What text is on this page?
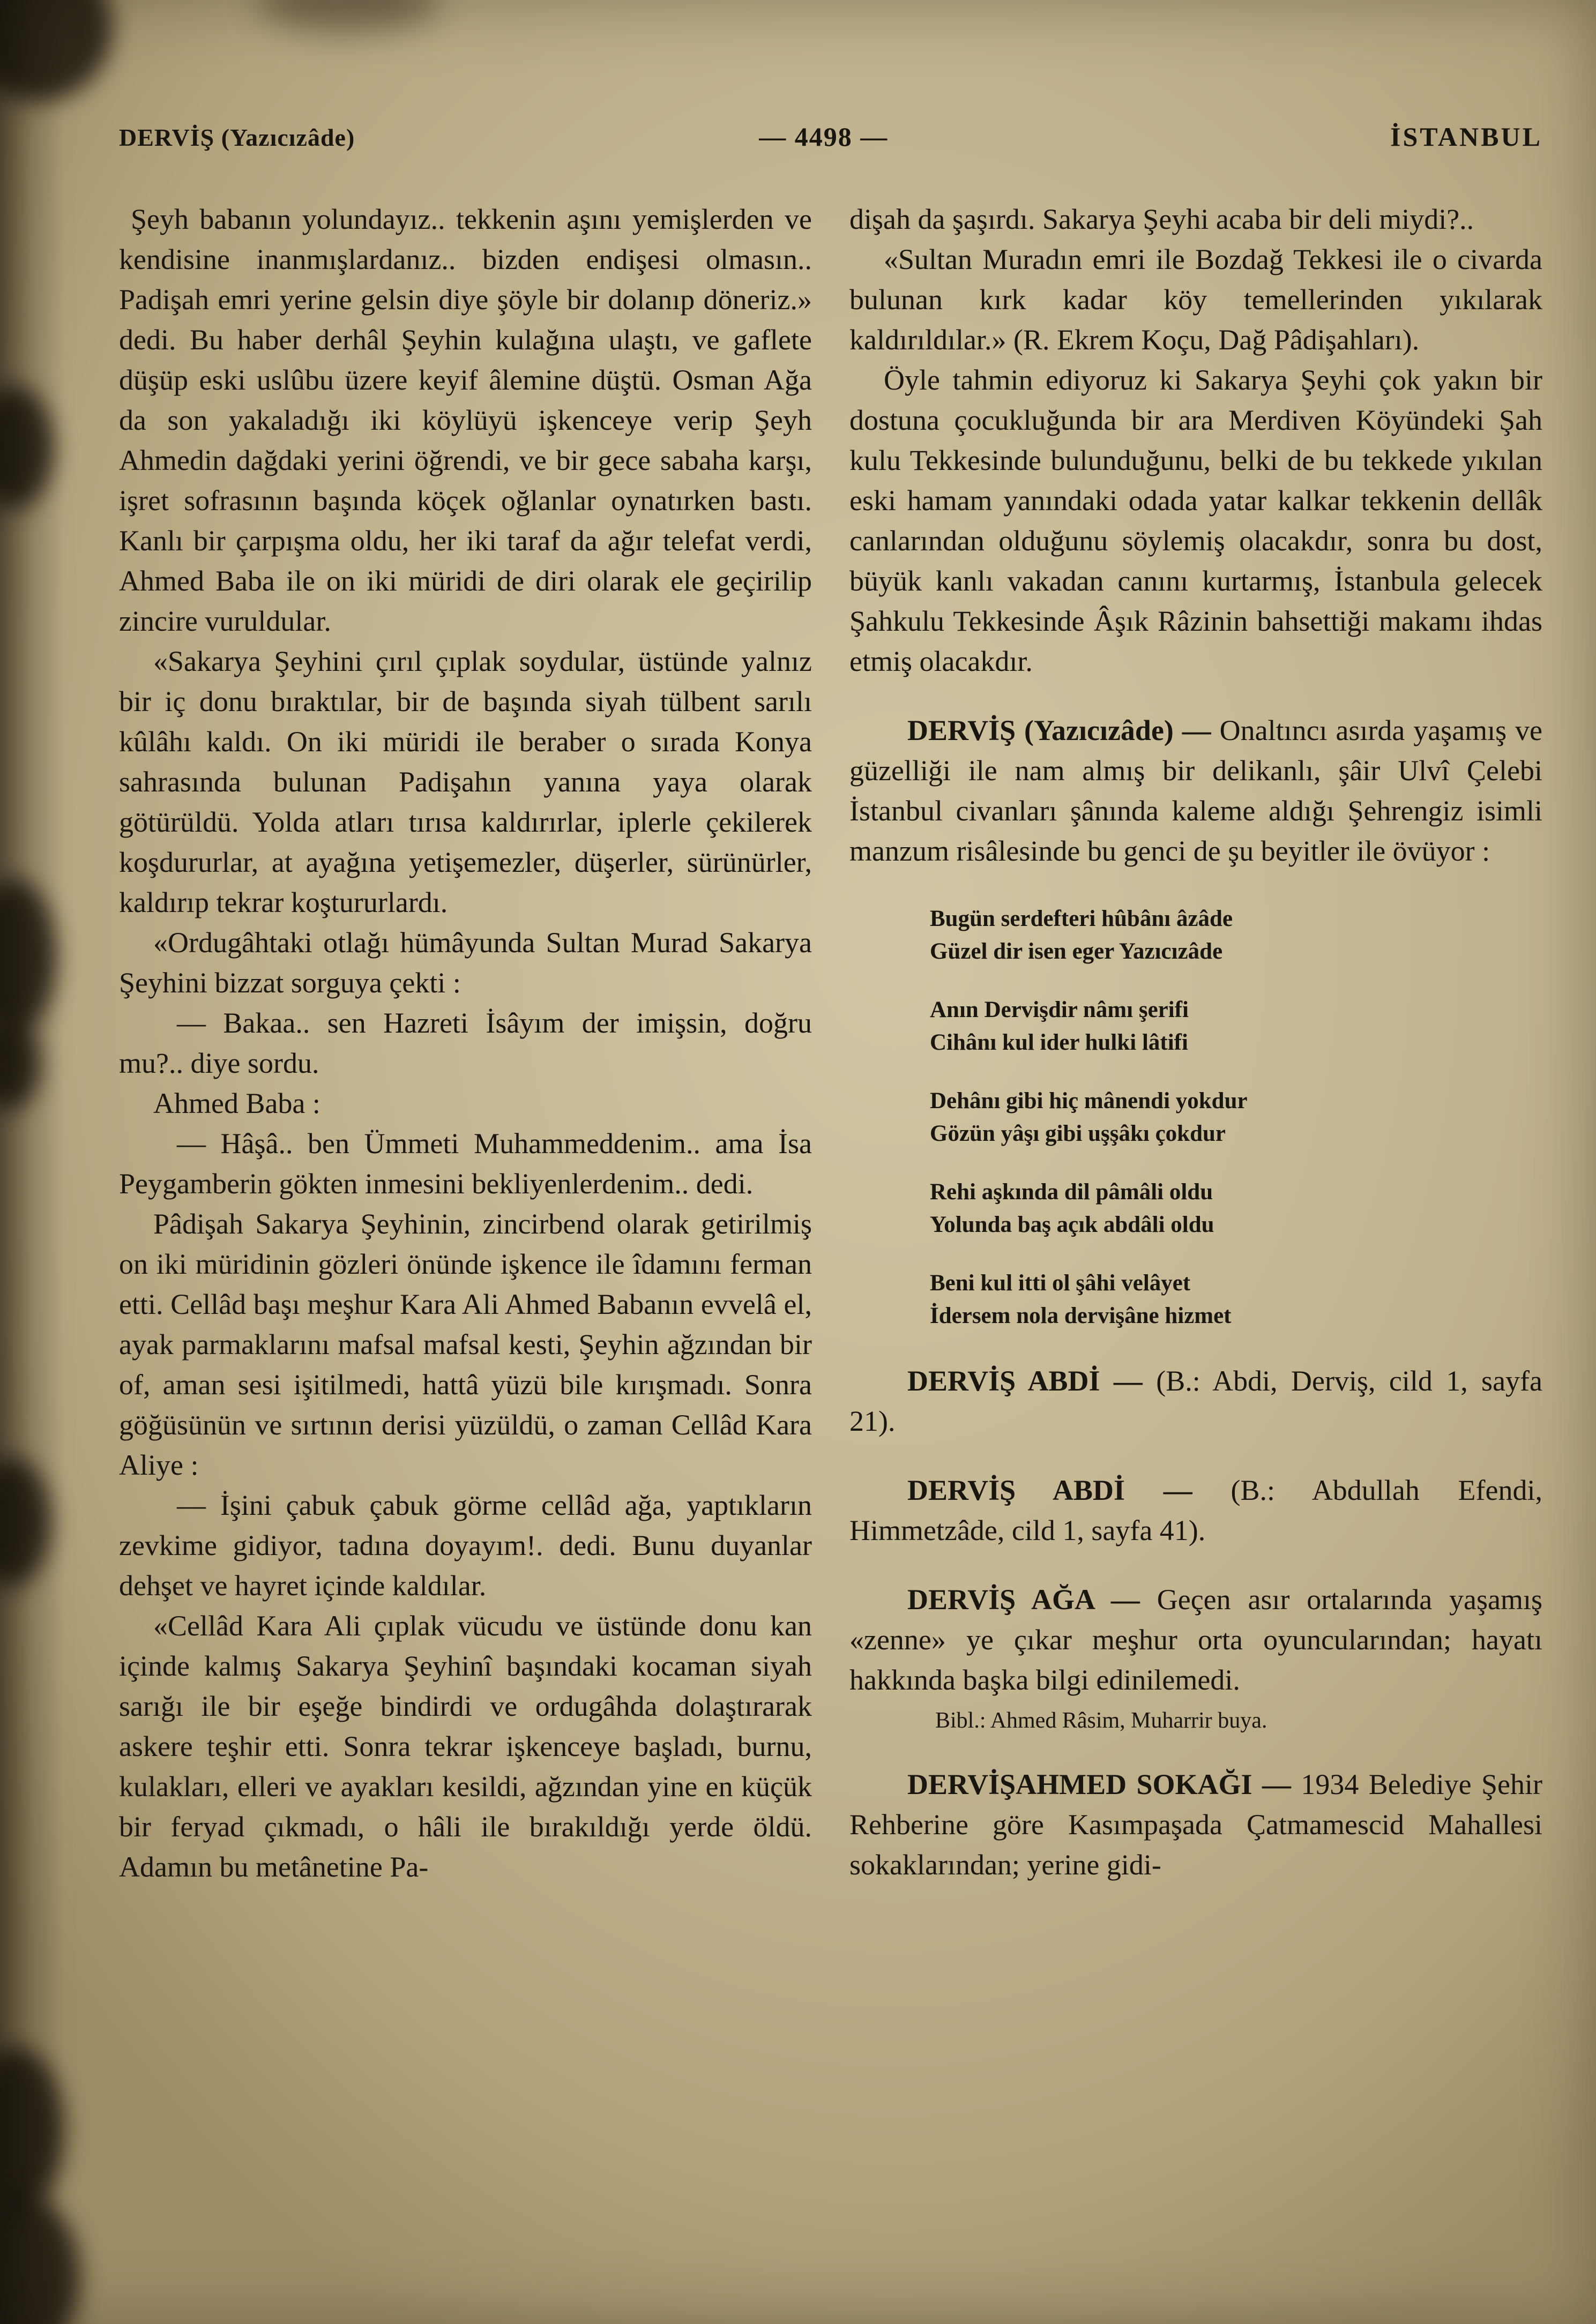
DERVİŞ (Yazıcızâde)	— 4498 —	İSTANBUL

Şeyh babanın yolundayız.. tekkenin aşını yemişlerden ve kendisine inanmışlardanız.. bizden endişesi olmasın.. Padişah emri yerine gelsin diye şöyle bir dolanıp döneriz.» dedi. Bu haber derhâl Şeyhin kulağına ulaştı, ve gaflete düşüp eski uslûbu üzere keyif âlemine düştü. Osman Ağa da son yakaladığı iki köylüyü işkenceye verip Şeyh Ahmedin dağdaki yerini öğrendi, ve bir gece sabaha karşı, işret sofrasının başında köçek oğlanlar oynatırken bastı. Kanlı bir çarpışma oldu, her iki taraf da ağır telefat verdi, Ahmed Baba ile on iki müridi de diri olarak ele geçirilip zincire vuruldular.

«Sakarya Şeyhini çırıl çıplak soydular, üstünde yalnız bir iç donu bıraktılar, bir de başında siyah tülbent sarılı kûlâhı kaldı. On iki müridi ile beraber o sırada Konya sahrasında bulunan Padişahın yanına yaya olarak götürüldü. Yolda atları tırısa kaldırırlar, iplerle çekilerek koşdururlar, at ayağına yetişemezler, düşerler, sürünürler, kaldırıp tekrar koştururlardı.

«Ordugâhtaki otlağı hümâyunda Sultan Murad Sakarya Şeyhini bizzat sorguya çekti :

— Bakaa.. sen Hazreti İsâyım der imişsin, doğru mu?.. diye sordu.

Ahmed Baba :

— Hâşâ.. ben Ümmeti Muhammeddenim.. ama İsa Peygamberin gökten inmesini bekliyenlerdenim.. dedi.

Pâdişah Sakarya Şeyhinin, zincirbend olarak getirilmiş on iki müridinin gözleri önünde işkence ile îdamını ferman etti. Cellâd başı meşhur Kara Ali Ahmed Babanın evvelâ el, ayak parmaklarını mafsal mafsal kesti, Şeyhin ağzından bir of, aman sesi işitilmedi, hattâ yüzü bile kırışmadı. Sonra göğüsünün ve sırtının derisi yüzüldü, o zaman Cellâd Kara Aliye :

— İşini çabuk çabuk görme cellâd ağa, yaptıkların zevkime gidiyor, tadına doyayım!. dedi. Bunu duyanlar dehşet ve hayret içinde kaldılar.

«Cellâd Kara Ali çıplak vücudu ve üstünde donu kan içinde kalmış Sakarya Şeyhinî başındaki kocaman siyah sarığı ile bir eşeğe bindirdi ve ordugâhda dolaştırarak askere teşhir etti. Sonra tekrar işkenceye başladı, burnu, kulakları, elleri ve ayakları kesildi, ağzından yine en küçük bir feryad çıkmadı, o hâli ile bırakıldığı yerde öldü. Adamın bu metânetine Pa-

dişah da şaşırdı. Sakarya Şeyhi acaba bir deli miydi?..

«Sultan Muradın emri ile Bozdağ Tekkesi ile o civarda bulunan kırk kadar köy temellerinden yıkılarak kaldırıldılar.» (R. Ekrem Koçu, Dağ Pâdişahları).

Öyle tahmin ediyoruz ki Sakarya Şeyhi çok yakın bir dostuna çocukluğunda bir ara Merdiven Köyündeki Şah kulu Tekkesinde bulunduğunu, belki de bu tekkede yıkılan eski hamam yanındaki odada yatar kalkar tekkenin dellâk canlarından olduğunu söylemiş olacakdır, sonra bu dost, büyük kanlı vakadan canını kurtarmış, İstanbula gelecek Şahkulu Tekkesinde Âşık Râzinin bahsettiği makamı ihdas etmiş olacakdır.

DERVİŞ (Yazıcızâde) — Onaltıncı asırda yaşamış ve güzelliği ile nam almış bir delikanlı, şâir Ulvî Çelebi İstanbul civanları şânında kaleme aldığı Şehrengiz isimli manzum risâlesinde bu genci de şu beyitler ile övüyor :

Bugün serdefteri hûbânı âzâde
Güzel dir isen eger Yazıcızâde
Anın Dervişdir nâmı şerifi
Cihânı kul ider hulki lâtifi
Dehânı gibi hiç mânendi yokdur
Gözün yâşı gibi uşşâkı çokdur
Rehi aşkında dil pâmâli oldu
Yolunda baş açık abdâli oldu
Beni kul itti ol şâhi velâyet
İdersem nola dervişâne hizmet

DERVİŞ ABDİ — (B.: Abdi, Derviş, cild 1, sayfa 21).

DERVİŞ ABDİ — (B.: Abdullah Efendi, Himmetzâde, cild 1, sayfa 41).

DERVİŞ AĞA — Geçen asır ortalarında yaşamış «zenne» ye çıkar meşhur orta oyuncularından; hayatı hakkında başka bilgi edinilemedi.

Bibl.: Ahmed Râsim, Muharrir buya.

DERVİŞAHMED SOKAĞI — 1934 Belediye Şehir Rehberine göre Kasımpaşada Çatmamescid Mahallesi sokaklarından; yerine gidi-
